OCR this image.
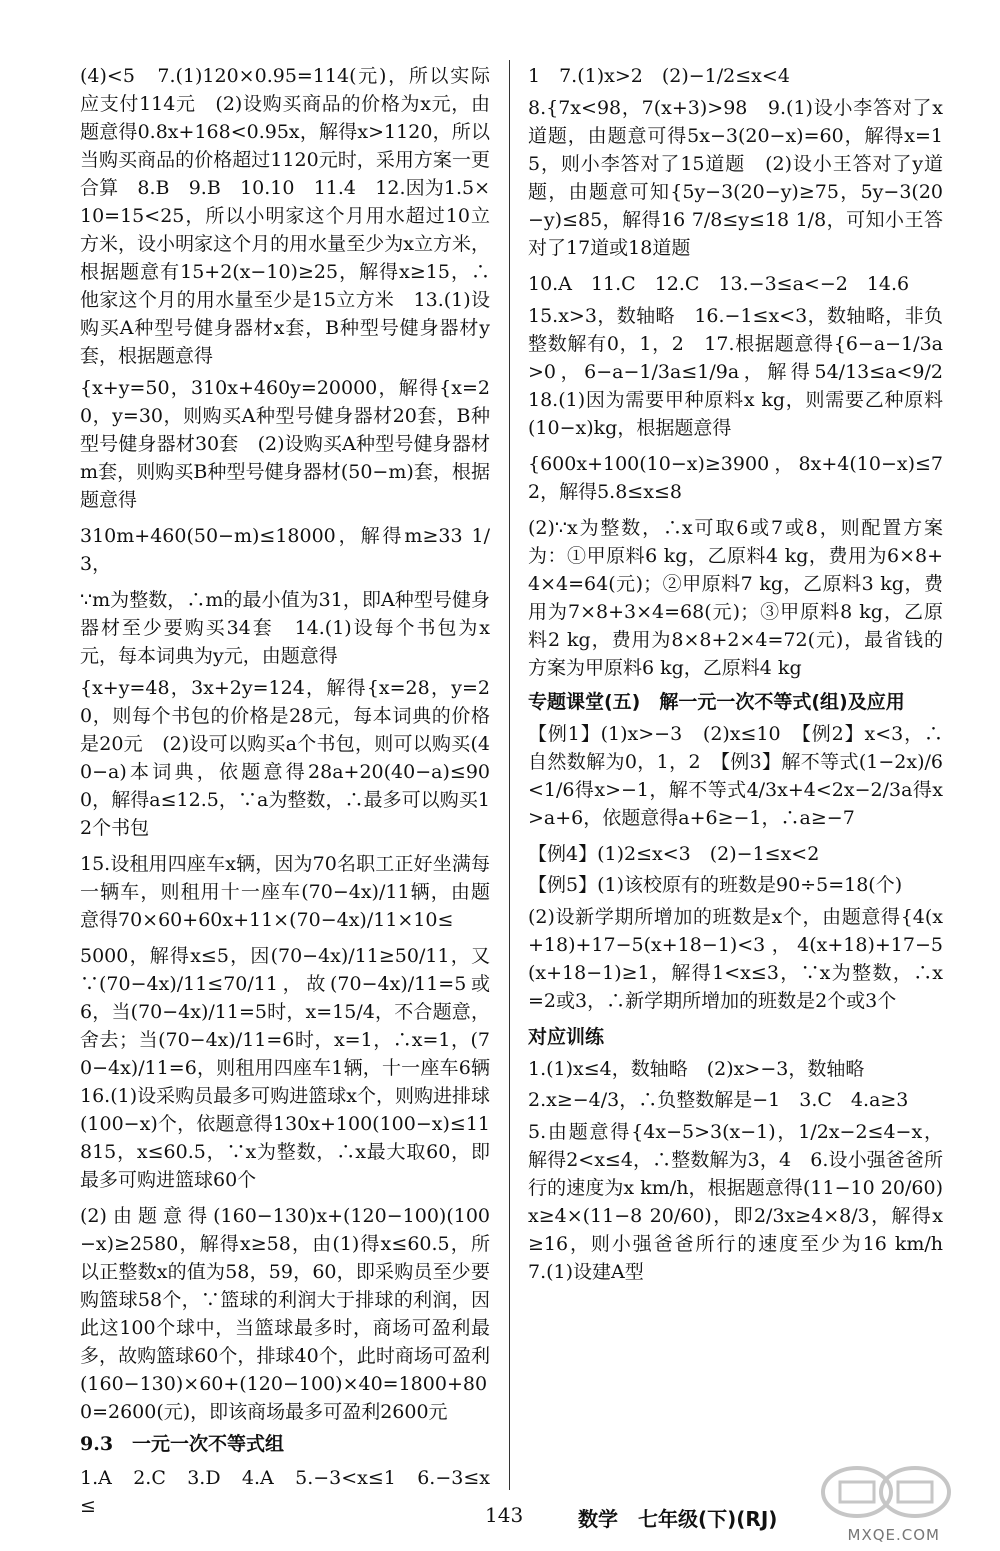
(4)<5　7.(1)120×0.95=114(元)，所以实际应支付114元　(2)设购买商品的价格为x元，由题意得0.8x+168<0.95x，解得x>1120，所以当购买商品的价格超过1120元时，采用方案一更合算　8.B　9.B　10.10　11.4　12.因为1.5×10=15<25，所以小明家这个月用水超过10立方米，设小明家这个月的用水量至少为x立方米，根据题意有15+2(x−10)≥25，解得x≥15，∴他家这个月的用水量至少是15立方米　13.(1)设购买A种型号健身器材x套，B种型号健身器材y套，根据题意得

{x+y=50，310x+460y=20000，解得{x=20，y=30，则购买A种型号健身器材20套，B种型号健身器材30套　(2)设购买A种型号健身器材m套，则购买B种型号健身器材(50−m)套，根据题意得

310m+460(50−m)≤18000，解得m≥33 1/3，

∵m为整数，∴m的最小值为31，即A种型号健身器材至少要购买34套　14.(1)设每个书包为x元，每本词典为y元，由题意得

{x+y=48，3x+2y=124，解得{x=28，y=20，则每个书包的价格是28元，每本词典的价格是20元　(2)设可以购买a个书包，则可以购买(40−a)本词典，依题意得28a+20(40−a)≤900，解得a≤12.5，∵a为整数，∴最多可以购买12个书包

15.设租用四座车x辆，因为70名职工正好坐满每一辆车，则租用十一座车(70−4x)/11辆，由题意得70×60+60x+11×(70−4x)/11×10≤

5000，解得x≤5，因(70−4x)/11≥50/11，又∵(70−4x)/11≤70/11，故(70−4x)/11=5或6，当(70−4x)/11=5时，x=15/4，不合题意，舍去；当(70−4x)/11=6时，x=1，∴x=1，(70−4x)/11=6，则租用四座车1辆，十一座车6辆　16.(1)设采购员最多可购进篮球x个，则购进排球(100−x)个，依题意得130x+100(100−x)≤11815，x≤60.5，∵x为整数，∴x最大取60，即最多可购进篮球60个

(2)由题意得(160−130)x+(120−100)(100−x)≥2580，解得x≥58，由(1)得x≤60.5，所以正整数x的值为58，59，60，即采购员至少要购篮球58个，∵篮球的利润大于排球的利润，因此这100个球中，当篮球最多时，商场可盈利最多，故购篮球60个，排球40个，此时商场可盈利(160−130)×60+(120−100)×40=1800+800=2600(元)，即该商场最多可盈利2600元

9.3　一元一次不等式组

1.A　2.C　3.D　4.A　5.−3<x≤1　6.−3≤x≤

1　7.(1)x>2　(2)−1/2≤x<4

8.{7x<98，7(x+3)>98　9.(1)设小李答对了x道题，由题意可得5x−3(20−x)=60，解得x=15，则小李答对了15道题　(2)设小王答对了y道题，由题意可知{5y−3(20−y)≥75，5y−3(20−y)≤85，解得16 7/8≤y≤18 1/8，可知小王答对了17道或18道题

10.A　11.C　12.C　13.−3≤a<−2　14.6

15.x>3，数轴略　16.−1≤x<3，数轴略，非负整数解有0，1，2　17.根据题意得{6−a−1/3a>0，6−a−1/3a≤1/9a，解得54/13≤a<9/2　18.(1)因为需要甲种原料x kg，则需要乙种原料(10−x)kg，根据题意得

{600x+100(10−x)≥3900，8x+4(10−x)≤72，解得5.8≤x≤8

(2)∵x为整数，∴x可取6或7或8，则配置方案为：①甲原料6 kg，乙原料4 kg，费用为6×8+4×4=64(元)；②甲原料7 kg，乙原料3 kg，费用为7×8+3×4=68(元)；③甲原料8 kg，乙原料2 kg，费用为8×8+2×4=72(元)，最省钱的方案为甲原料6 kg，乙原料4 kg

专题课堂(五)　解一元一次不等式(组)及应用

【例1】(1)x>−3　(2)x≤10　【例2】x<3，∴自然数解为0，1，2　【例3】解不等式(1−2x)/6<1/6得x>−1，解不等式4/3x+4<2x−2/3a得x>a+6，依题意得a+6≥−1，∴a≥−7

【例4】(1)2≤x<3　(2)−1≤x<2

【例5】(1)该校原有的班数是90÷5=18(个)

(2)设新学期所增加的班数是x个，由题意得{4(x+18)+17−5(x+18−1)<3，4(x+18)+17−5(x+18−1)≥1，解得1<x≤3，∵x为整数，∴x=2或3，∴新学期所增加的班数是2个或3个

对应训练

1.(1)x≤4，数轴略　(2)x>−3，数轴略

2.x≥−4/3，∴负整数解是−1　3.C　4.a≥3

5.由题意得{4x−5>3(x−1)，1/2x−2≤4−x，解得2<x≤4，∴整数解为3，4　6.设小强爸爸所行的速度为x km/h，根据题意得(11−10 20/60)x≥4×(11−8 20/60)，即2/3x≥4×8/3，解得x≥16，则小强爸爸所行的速度至少为16 km/h　7.(1)设建A型

143	数学　七年级(下)(RJ)
MXQE.COM
